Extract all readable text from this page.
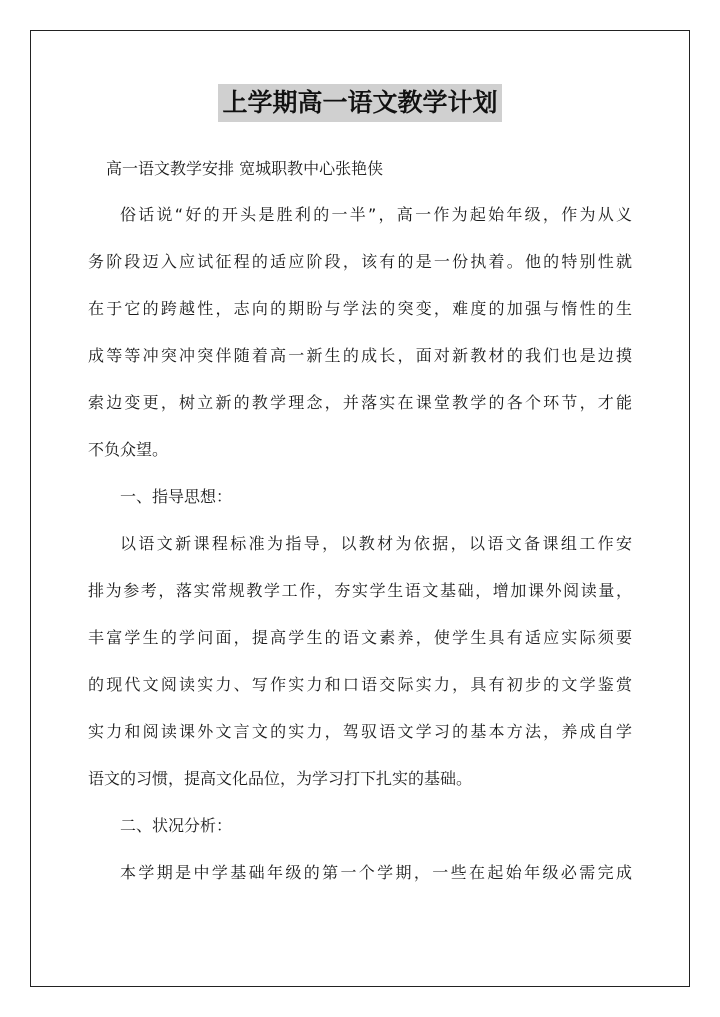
上学期高一语文教学计划

高一语文教学安排 宽城职教中心张艳侠

俗话说“好的开头是胜利的一半”，高一作为起始年级，作为从义

务阶段迈入应试征程的适应阶段，该有的是一份执着。他的特别性就

在于它的跨越性，志向的期盼与学法的突变，难度的加强与惰性的生

成等等冲突冲突伴随着高一新生的成长，面对新教材的我们也是边摸

索边变更，树立新的教学理念，并落实在课堂教学的各个环节，才能

不负众望。

一、指导思想：

以语文新课程标准为指导，以教材为依据，以语文备课组工作安

排为参考，落实常规教学工作，夯实学生语文基础，增加课外阅读量，

丰富学生的学问面，提高学生的语文素养，使学生具有适应实际须要

的现代文阅读实力、写作实力和口语交际实力，具有初步的文学鉴赏

实力和阅读课外文言文的实力，驾驭语文学习的基本方法，养成自学

语文的习惯，提高文化品位，为学习打下扎实的基础。

二、状况分析：

本学期是中学基础年级的第一个学期，一些在起始年级必需完成
